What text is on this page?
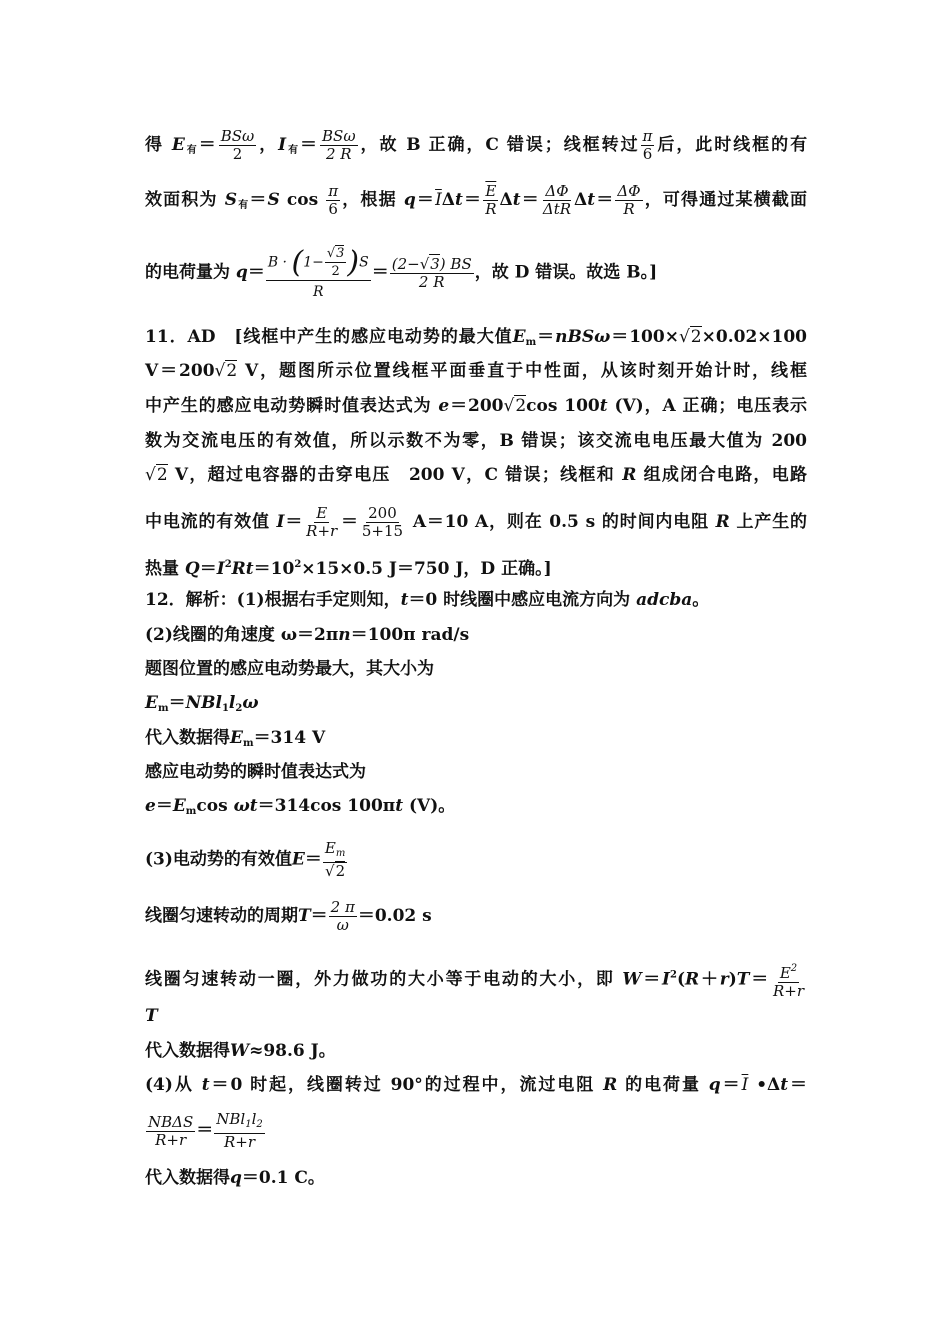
得 $E_有= \frac{\text{BSω}}{2}$ ，$I_有= \frac{\text{BSω}}{2 R}$ ，故 B 正确，C 错误；线框转过 $\frac{\pi}{6}$ 后，此时线框的有
效面积为 $S_有=S$ $\cos \frac{\pi}{6}$ ，根据 $q=\overline{I}\Delta t= \frac{\overline{E}}{R} \Delta t= \frac{\Delta\Phi}{\text{ΔtR}} \Delta t= \frac{\Delta\Phi}{R}$ ，可得通过某横截面
的电荷量为 $q= \frac{B \cdot (1- \frac{√3}{2} )S}{R} = \frac{(2-√3) BS}{2 R}$ ，故 D 错误。故选 B。]
11．AD　[线框中产生的感应电动势的最大值$E_m=nBS\omega=100\times√2\times 0.02\times 100$
V＝200√2 V，题图所示位置线框平面垂直于中性面，从该时刻开始计时，线框
中产生的感应电动势瞬时值表达式为 e＝200√2cos 100t (V)，A 正确；电压表示
数为交流电压的有效值，所以示数不为零，B 错误；该交流电电压最大值为 200
√2 V，超过电容器的击穿电压　200 V，C 错误；线框和 R 组成闭合电路，电路
中电流的有效值 $I= \frac{E}{R+r} = \frac{200}{5+15} A=10$ A，则在 0.5 s 的时间内电阻 R 上产生的
热量 $Q=I^2Rt=10^2\times 15\times 0.5$ J＝750 J，D 正确。]
12．解析：(1)根据右手定则知，t＝0 时线圈中感应电流方向为 adcba。
(2)线圈的角速度 ω＝2πn＝100π rad/s
题图位置的感应电动势最大，其大小为
$E_m=NBl_1l_2\omega$
代入数据得$E_m=314$ V
感应电动势的瞬时值表达式为
$e=E_m\cos$ ωt＝314cos 100πt (V)。
(3)电动势的有效值$E= \frac{E_m}{√2}$
线圈匀速转动的周期$T= \frac{2 \pi}{\omega} =0.02$ s
线圈匀速转动一圈，外力做功的大小等于电动的大小，即 $W=I^2(R+r)T= \frac{E^2}{R+r}$
T
代入数据得W≈98.6 J。
(4)从 t＝0 时起，线圈转过 90°的过程中，流过电阻 R 的电荷量 $q=\overline{I}$ •Δt＝
$\frac{\text{NBΔS}}{R+r} = \frac{NBl_1l_2}{R+r}$
代入数据得q＝0.1 C。
